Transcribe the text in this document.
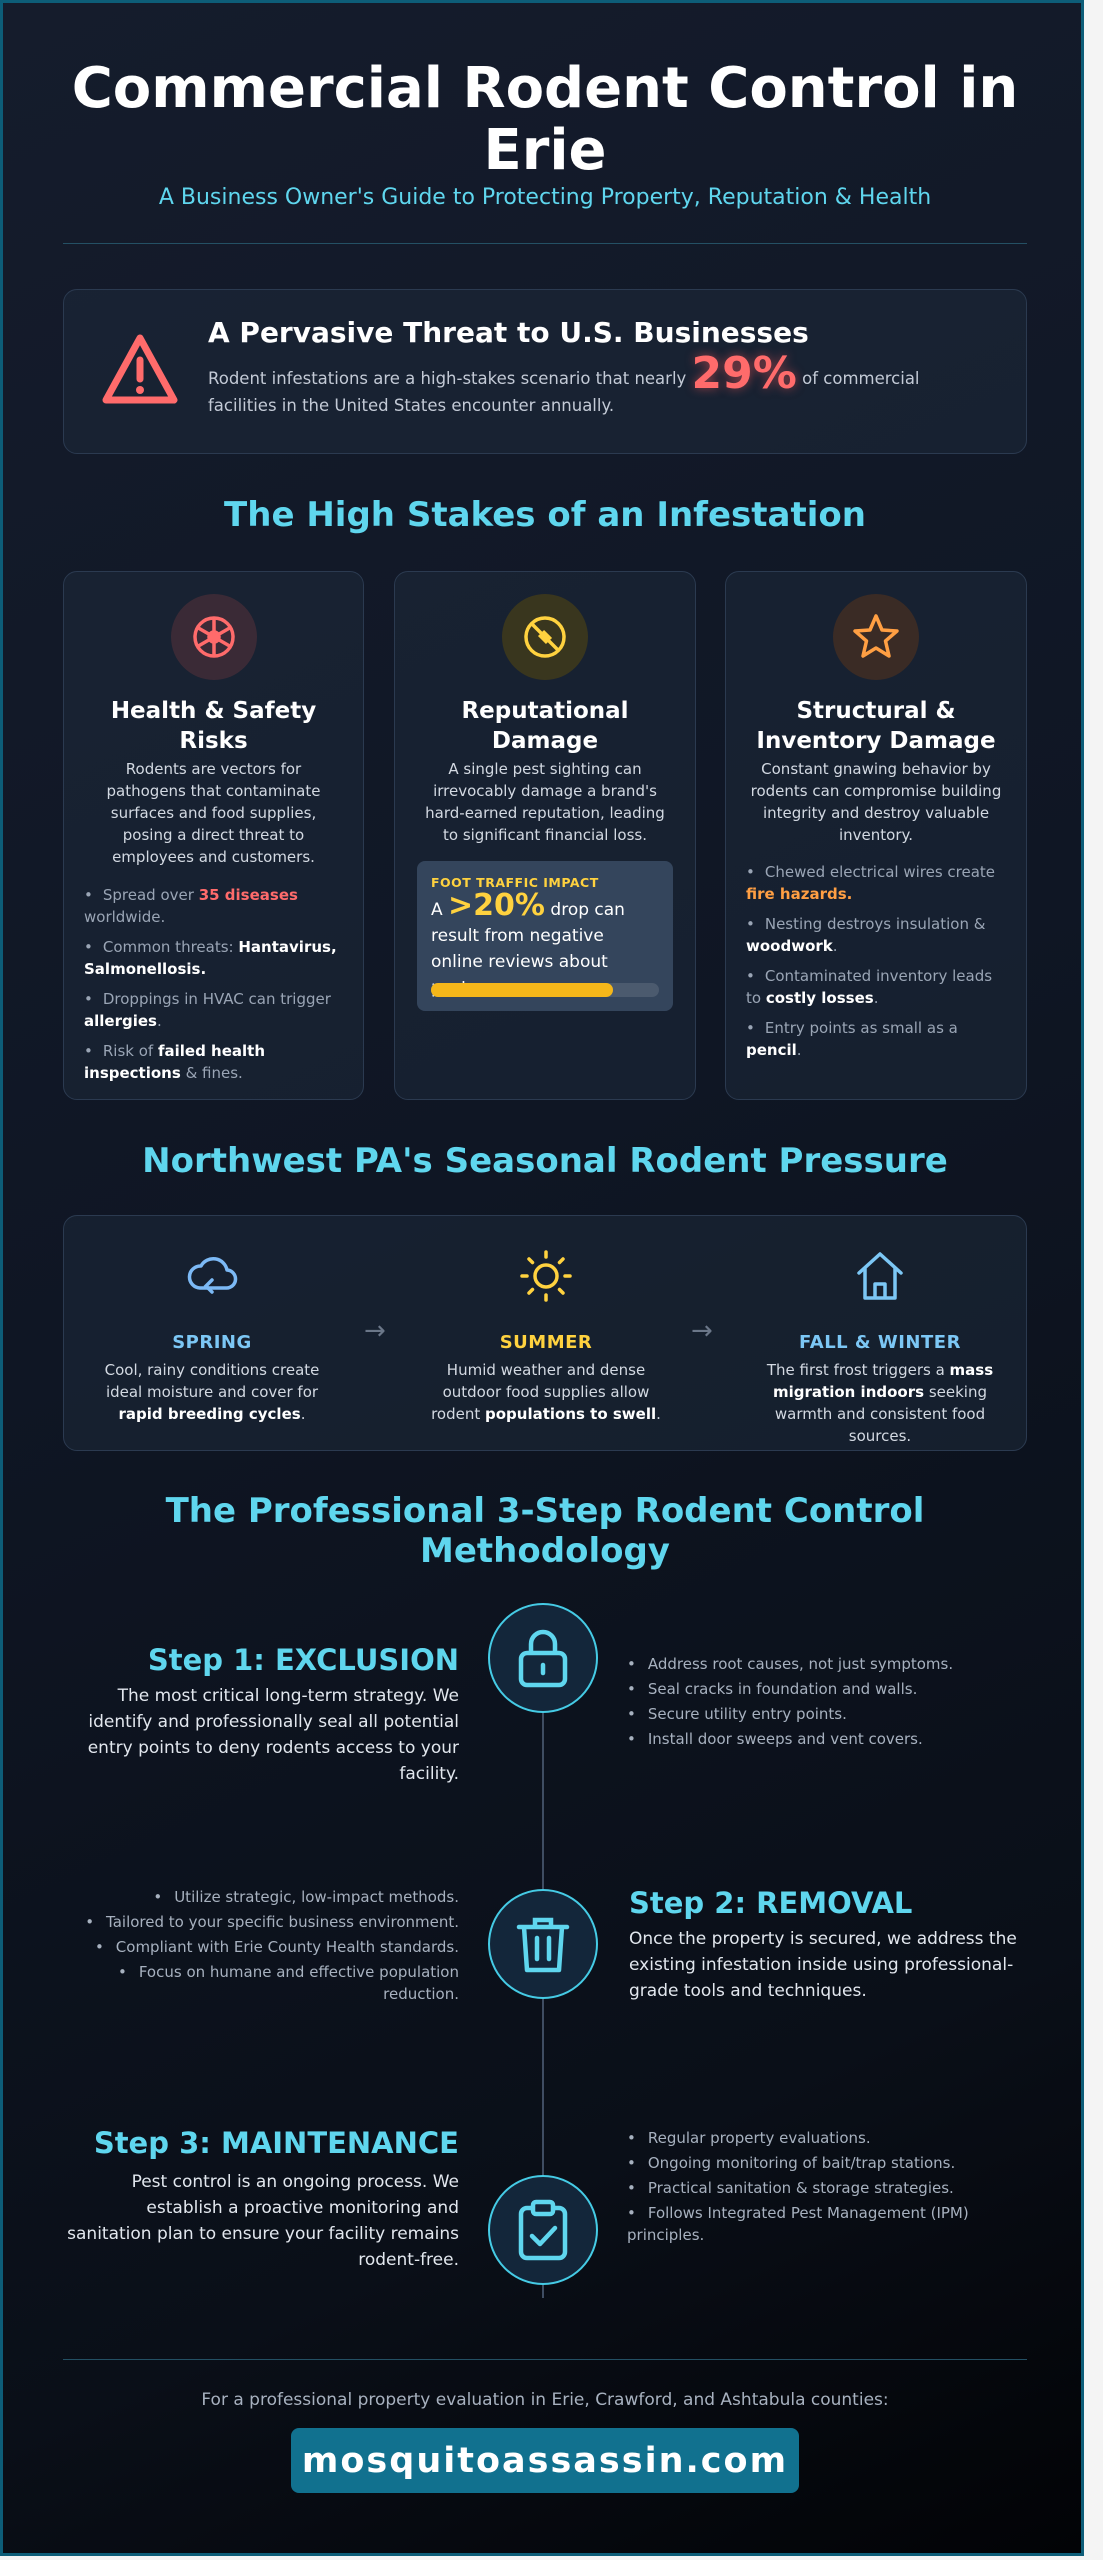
Commercial Rodent Control in Erie
A Business Owner's Guide to Protecting Property, Reputation & Health
A Pervasive Threat to U.S. Businesses
Rodent infestations are a high-stakes scenario that nearly 29% of commercial facilities in the United States encounter annually.
The High Stakes of an Infestation
Health & Safety Risks
Rodents are vectors for pathogens that contaminate surfaces and food supplies, posing a direct threat to employees and customers.
• Spread over 35 diseases worldwide.
• Common threats: Hantavirus, Salmonellosis.
• Droppings in HVAC can trigger allergies.
• Risk of failed health inspections & fines.
Reputational Damage
A single pest sighting can irrevocably damage a brand's hard-earned reputation, leading to significant financial loss.
FOOT TRAFFIC IMPACT
A >20% drop can result from negative online reviews about
Structural & Inventory Damage
Constant gnawing behavior by rodents can compromise building integrity and destroy valuable inventory.
• Chewed electrical wires create fire hazards.
• Nesting destroys insulation & woodwork.
• Contaminated inventory leads to costly losses.
• Entry points as small as a pencil.
Northwest PA's Seasonal Rodent Pressure
SPRING
Cool, rainy conditions create ideal moisture and cover for rapid breeding cycles.
→	SUMMER
Humid weather and dense outdoor food supplies allow rodent populations to swell.
→	FALL & WINTER
The first frost triggers a mass migration indoors seeking warmth and consistent food sources.
The Professional 3-Step Rodent Control Methodology
Step 1: EXCLUSION
The most critical long-term strategy. We identify and professionally seal all potential entry points to deny rodents access to your facility.
• Address root causes, not just symptoms.
• Seal cracks in foundation and walls.
• Secure utility entry points.
• Install door sweeps and vent covers.
• Utilize strategic, low-impact methods.
• Tailored to your specific business environment.
• Compliant with Erie County Health standards.
• Focus on humane and effective population reduction.
Step 2: REMOVAL
Once the property is secured, we address the existing infestation inside using professional-grade tools and techniques.
Step 3: MAINTENANCE
Pest control is an ongoing process. We establish a proactive monitoring and sanitation plan to ensure your facility remains rodent-free.
• Regular property evaluations.
• Ongoing monitoring of bait/trap stations.
• Practical sanitation & storage strategies.
• Follows Integrated Pest Management (IPM) principles.
For a professional property evaluation in Erie, Crawford, and Ashtabula counties:
mosquitoassassin.com
